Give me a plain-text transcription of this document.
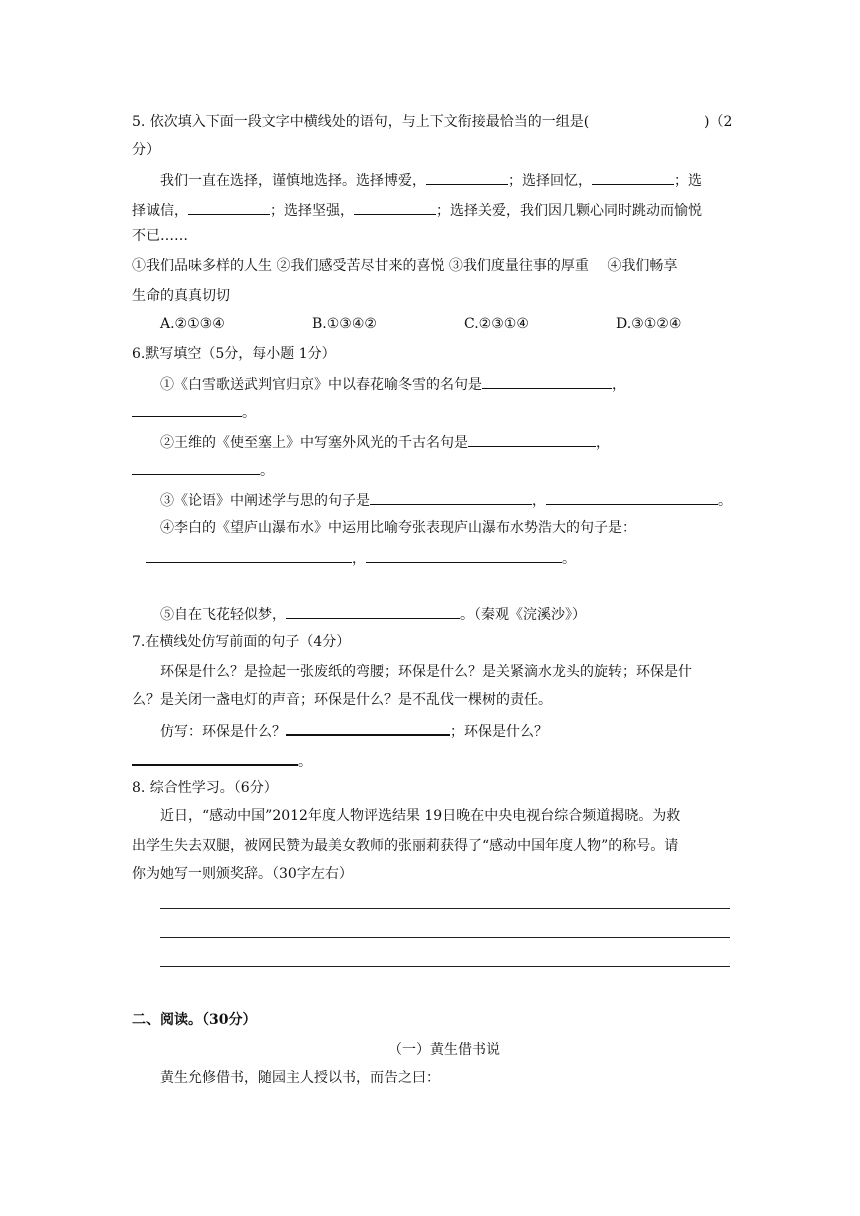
5. 依次填入下面一段文字中横线处的语句，与上下文衔接最恰当的一组是(	)（2
分）
我们一直在选择，谨慎地选择。选择博爱，	；选择回忆，	；选
择诚信，	；选择坚强，	；选择关爱，我们因几颗心同时跳动而愉悦
不已……
①我们品味多样的人生 ②我们感受苦尽甘来的喜悦 ③我们度量往事的厚重　 ④我们畅享
生命的真真切切
A.②①③④	B.①③④②	C.②③①④	D.③①②④
6.默写填空（5分，每小题 1分）
①《白雪歌送武判官归京》中以春花喻冬雪的名句是	，
。
②王维的《使至塞上》中写塞外风光的千古名句是	，
。
③《论语》中阐述学与思的句子是	，	。
④李白的《望庐山瀑布水》中运用比喻夸张表现庐山瀑布水势浩大的句子是：
，	。
⑤自在飞花轻似梦，	。（秦观《浣溪沙》）
7.在横线处仿写前面的句子（4分）
环保是什么？是捡起一张废纸的弯腰；环保是什么？是关紧滴水龙头的旋转；环保是什
么？是关闭一盏电灯的声音；环保是什么？是不乱伐一棵树的责任。
仿写：环保是什么？	；环保是什么？
。
8. 综合性学习。（6分）
近日，“感动中国”2012年度人物评选结果 19日晚在中央电视台综合频道揭晓。为救
出学生失去双腿，被网民赞为最美女教师的张丽莉获得了“感动中国年度人物”的称号。请
你为她写一则颁奖辞。（30字左右）
二、阅读。（30分）
（一）黄生借书说
黄生允修借书，随园主人授以书，而告之曰：
